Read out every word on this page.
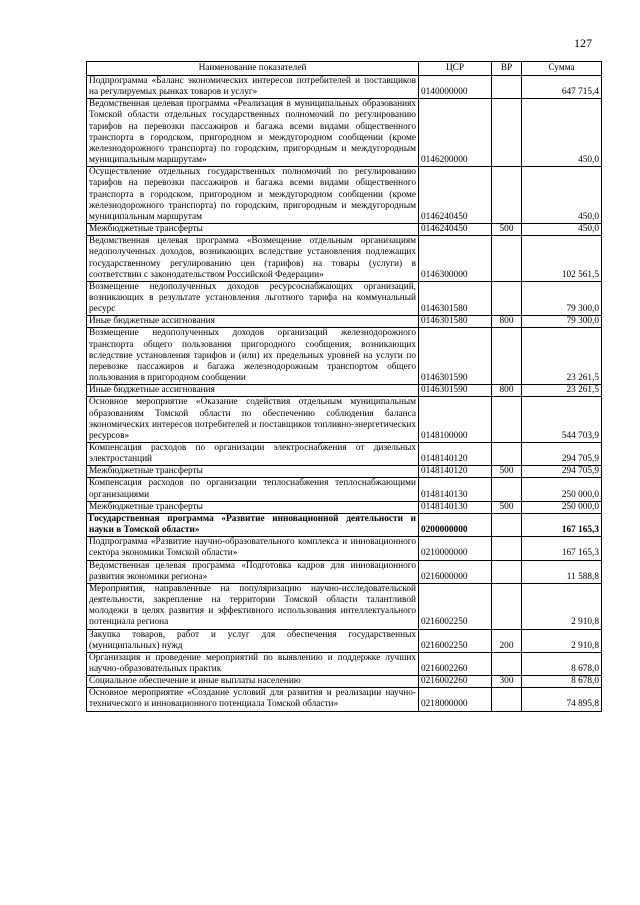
127
Наименование показателей	ЦСР	ВР	Сумма
Подпрограмма «Баланс экономических интересов потребителей и поставщиков на регулируемых рынках товаров и услуг»	0140000000		647 715,4
Ведомственная целевая программа «Реализация в муниципальных образованиях Томской области отдельных государственных полномочий по регулированию тарифов на перевозки пассажиров и багажа всеми видами общественного транспорта в городском, пригородном и междугородном сообщении (кроме железнодорожного транспорта) по городским, пригородным и междугородным муниципальным маршрутам»	0146200000		450,0
Осуществление отдельных государственных полномочий по регулированию тарифов на перевозки пассажиров и багажа всеми видами общественного транспорта в городском, пригородном и междугородном сообщении (кроме железнодорожного транспорта) по городским, пригородным и междугородным муниципальным маршрутам	0146240450		450,0
Межбюджетные трансферты	0146240450	500	450,0
Ведомственная целевая программа «Возмещение отдельным организациям недополученных доходов, возникающих вследствие установления подлежащих государственному регулированию цен (тарифов) на товары (услуги) в соответствии с законодательством Российской Федерации»	0146300000		102 561,5
Возмещение недополученных доходов ресурсоснабжающих организаций, возникающих в результате установления льготного тарифа на коммунальный ресурс	0146301580		79 300,0
Иные бюджетные ассигнования	0146301580	800	79 300,0
Возмещение недополученных доходов организаций железнодорожного транспорта общего пользования пригородного сообщения, возникающих вследствие установления тарифов и (или) их предельных уровней на услуги по перевозке пассажиров и багажа железнодорожным транспортом общего пользования в пригородном сообщении	0146301590		23 261,5
Иные бюджетные ассигнования	0146301590	800	23 261,5
Основное мероприятие «Оказание содействия отдельным муниципальным образованиям Томской области по обеспечению соблюдения баланса экономических интересов потребителей и поставщиков топливно-энергетических ресурсов»	0148100000		544 703,9
Компенсация расходов по организации электроснабжения от дизельных электростанций	0148140120		294 705,9
Межбюджетные трансферты	0148140120	500	294 705,9
Компенсация расходов по организации теплоснабжения теплоснабжающими организациями	0148140130		250 000,0
Межбюджетные трансферты	0148140130	500	250 000,0
Государственная программа «Развитие инновационной деятельности и науки в Томской области»	0200000000		167 165,3
Подпрограмма «Развитие научно-образовательного комплекса и инновационного сектора экономики Томской области»	0210000000		167 165,3
Ведомственная целевая программа «Подготовка кадров для инновационного развития экономики региона»	0216000000		11 588,8
Мероприятия, направленные на популяризацию научно-исследовательской деятельности, закрепление на территории Томской области талантливой молодежи в целях развития и эффективного использования интеллектуального потенциала региона	0216002250		2 910,8
Закупка товаров, работ и услуг для обеспечения государственных (муниципальных) нужд	0216002250	200	2 910,8
Организация и проведение мероприятий по выявлению и поддержке лучших научно-образовательных практик	0216002260		8 678,0
Социальное обеспечение и иные выплаты населению	0216002260	300	8 678,0
Основное мероприятие «Создание условий для развития и реализации научно-технического и инновационного потенциала Томской области»	0218000000		74 895,8
